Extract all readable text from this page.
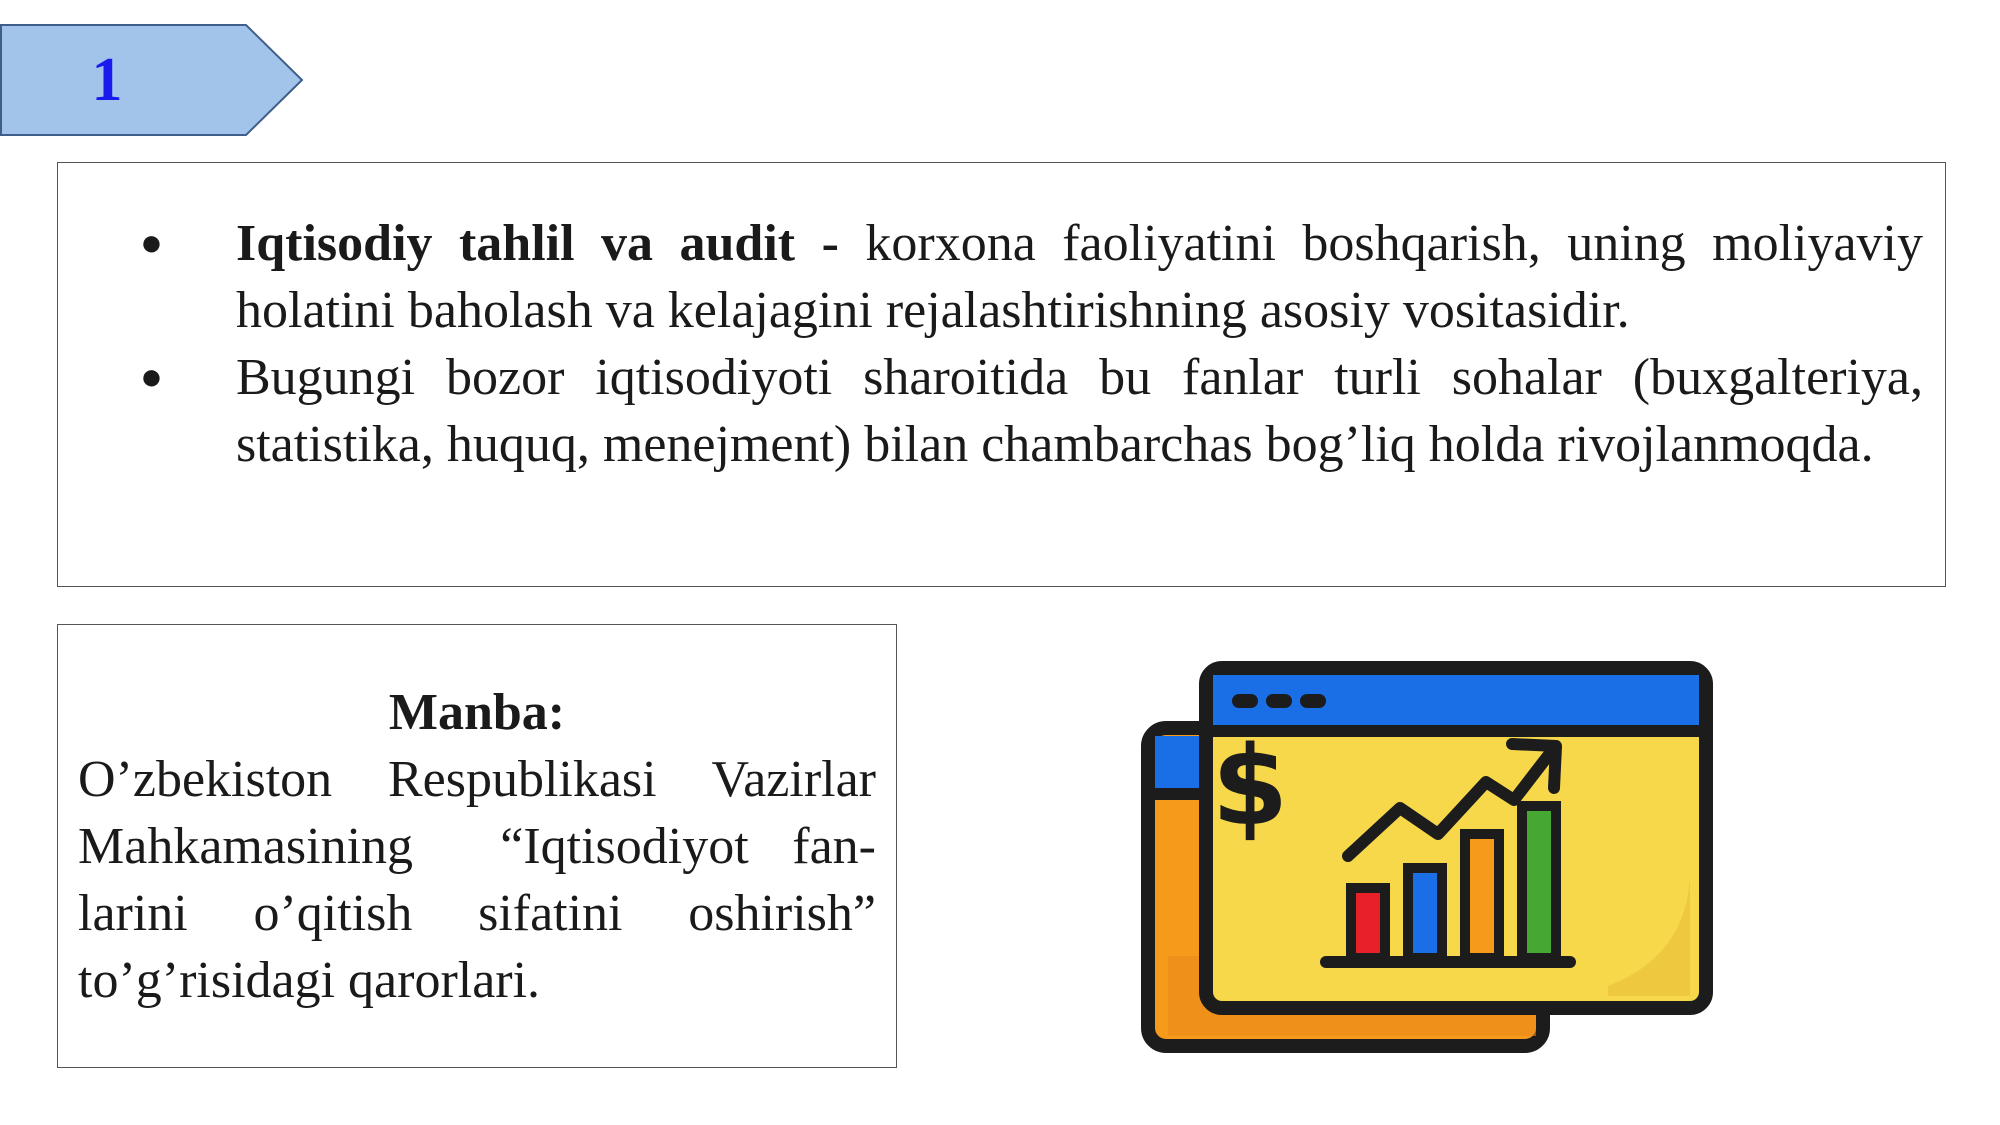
1
● Iqtisodiy tahlil va audit - korxona faoliyatini boshqarish, uning moliyaviy holatini baholash va kelajagini rejalashtirishning asosiy vositasidir.
● Bugungi bozor iqtisodiyoti sharoitida bu fanlar turli sohalar (buxgalteriya, statistika, huquq, menejment) bilan chambarchas bog’liq holda rivojlanmoqda.
Manba:
O’zbekiston Respublikasi Vazirlar Mahkamasining  “Iqtisodiyot fanlarini o’qitish sifatini oshirish” to’g’risidagi qarorlari.
$
